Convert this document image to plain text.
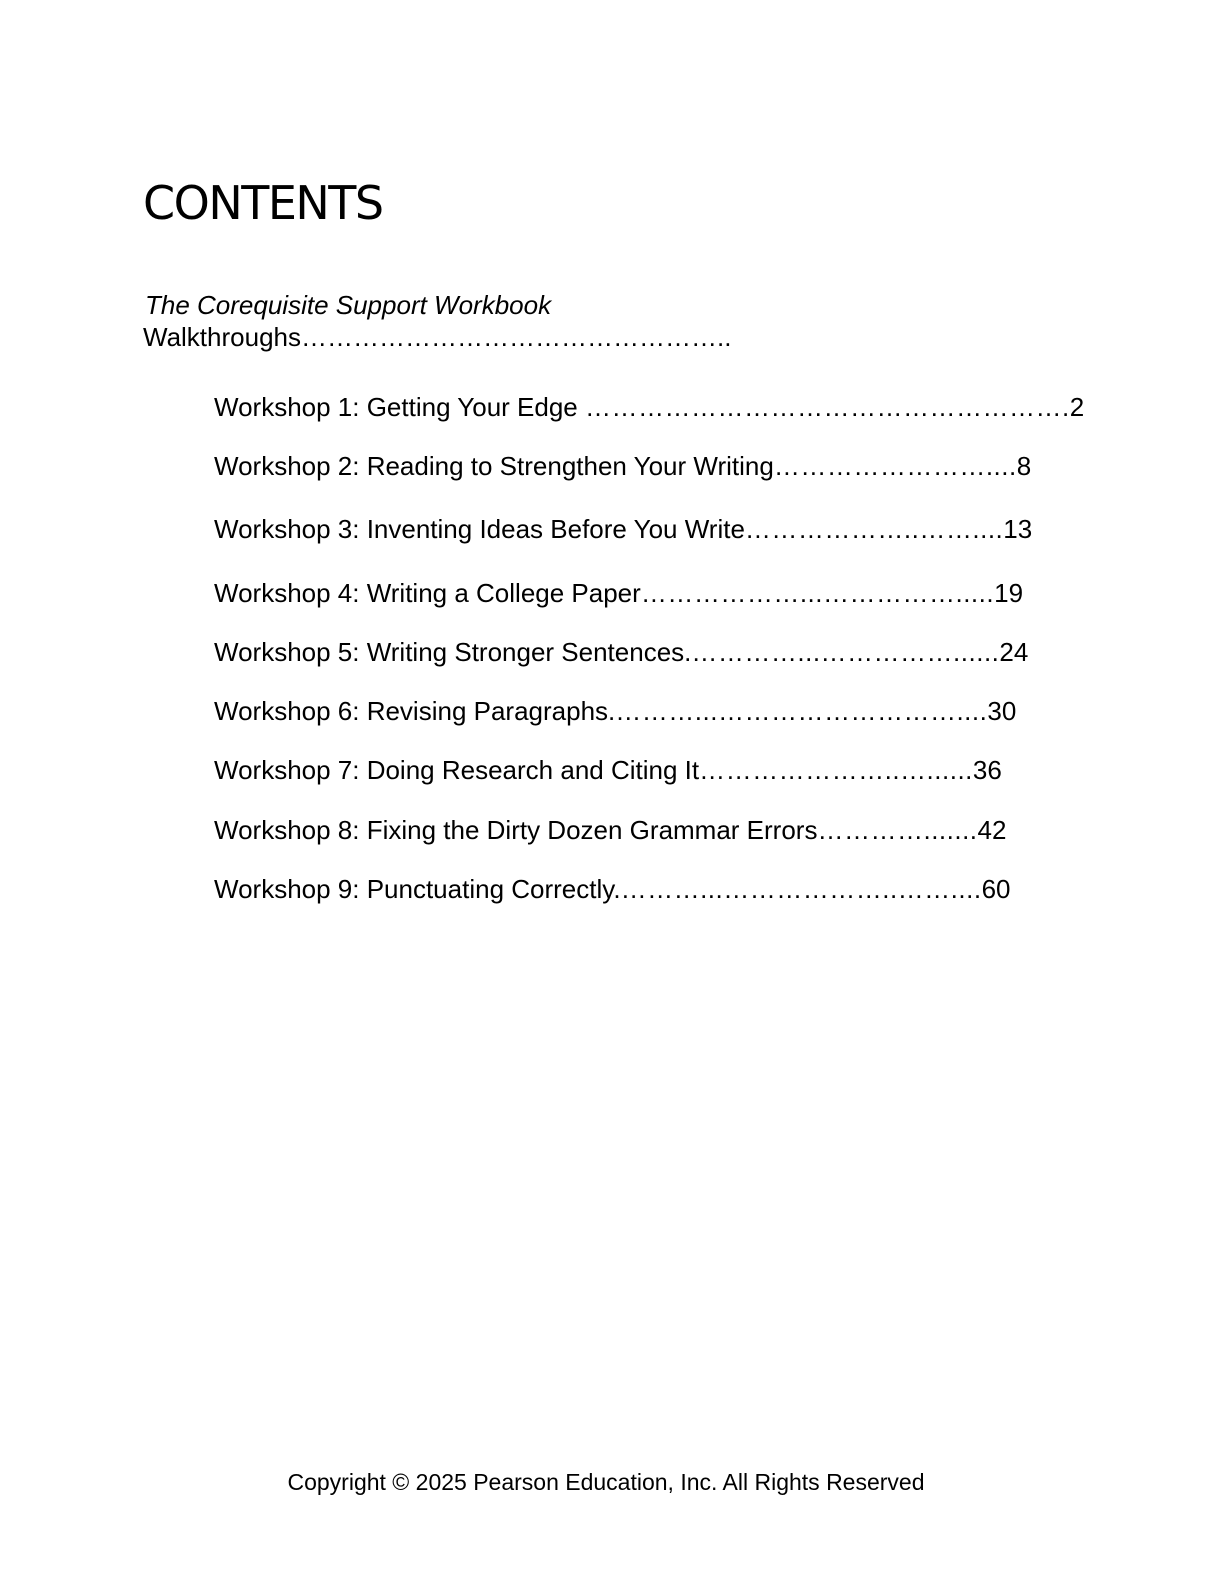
CONTENTS

The Corequisite Support Workbook

Walkthroughs…………………………………………..

Workshop 1: Getting Your Edge ……………………………………………….2
Workshop 2: Reading to Strengthen Your Writing……………………....8
Workshop 3: Inventing Ideas Before You Write………………..……....13
Workshop 4: Writing a College Paper………………...…………….....19
Workshop 5: Writing Stronger Sentences.…………...……………......24
Workshop 6: Revising Paragraphs.………...………………………....30
Workshop 7: Doing Research and Citing It…………………..…......36
Workshop 8: Fixing the Dirty Dozen Grammar Errors………….......42
Workshop 9: Punctuating Correctly.………...………………..……....60

Copyright © 2025 Pearson Education, Inc. All Rights Reserved
